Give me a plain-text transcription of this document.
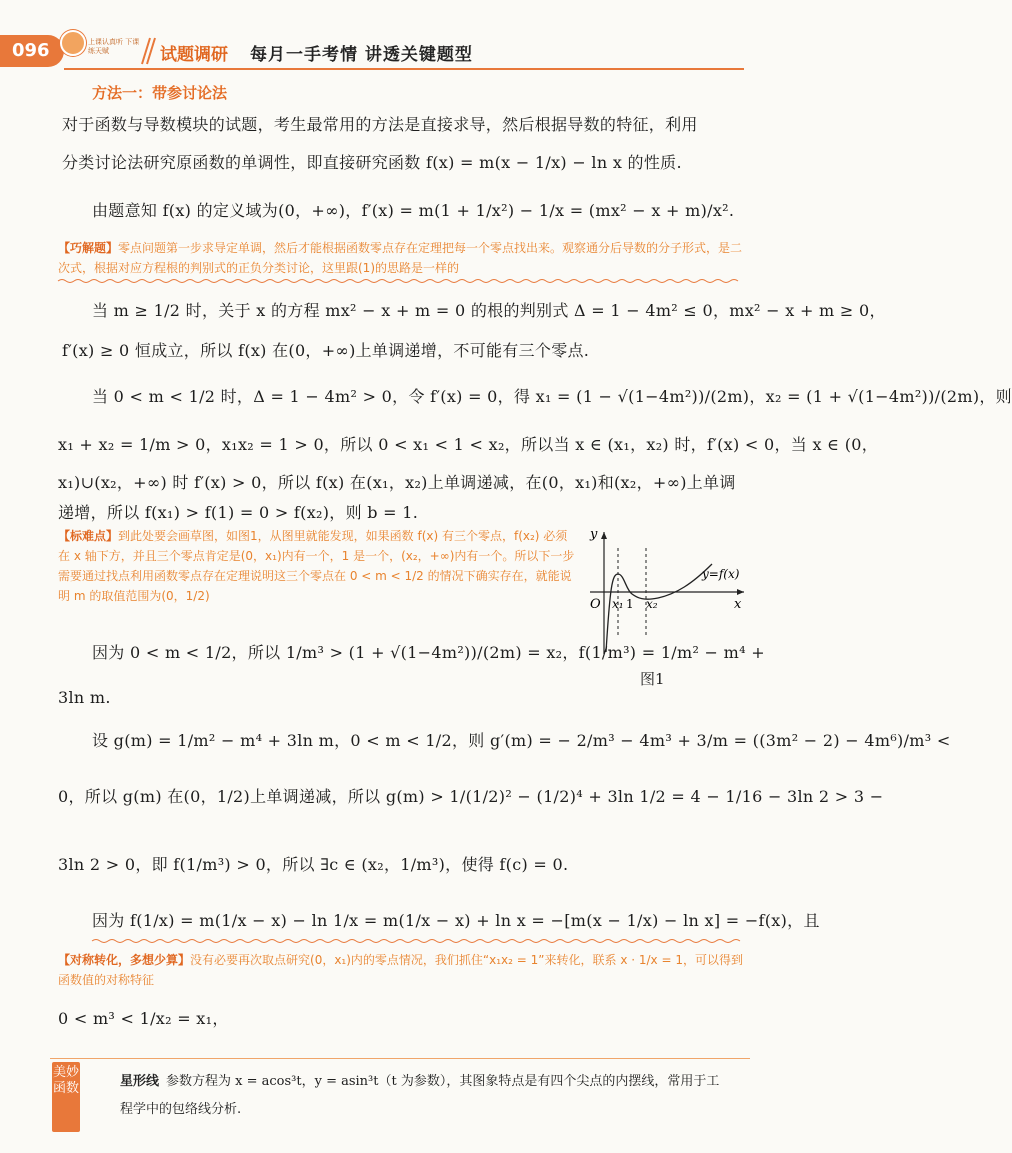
096	上课认真听 下课练天赋	试题调研 每月一手考情 讲透关键题型
方法一：带参讨论法
对于函数与导数模块的试题，考生最常用的方法是直接求导，然后根据导数的特征，利用
分类讨论法研究原函数的单调性，即直接研究函数 f(x) = m(x − 1/x) − ln x 的性质.
由题意知 f(x) 的定义域为(0，+∞)，f′(x) = m(1 + 1/x²) − 1/x = (mx² − x + m)/x².
【巧解题】零点问题第一步求导定单调，然后才能根据函数零点存在定理把每一个零点找出来。观察通分后导数的分子形式，是二次式，根据对应方程根的判别式的正负分类讨论，这里跟(1)的思路是一样的
当 m ≥ 1/2 时，关于 x 的方程 mx² − x + m = 0 的根的判别式 Δ = 1 − 4m² ≤ 0，mx² − x + m ≥ 0，
f′(x) ≥ 0 恒成立，所以 f(x) 在(0，+∞)上单调递增，不可能有三个零点.
当 0 < m < 1/2 时，Δ = 1 − 4m² > 0，令 f′(x) = 0，得 x₁ = (1 − √(1−4m²))/(2m)，x₂ = (1 + √(1−4m²))/(2m)，则
x₁ + x₂ = 1/m > 0，x₁x₂ = 1 > 0，所以 0 < x₁ < 1 < x₂，所以当 x ∈ (x₁，x₂) 时，f′(x) < 0，当 x ∈ (0，
x₁)∪(x₂，+∞) 时 f′(x) > 0，所以 f(x) 在(x₁，x₂)上单调递减，在(0，x₁)和(x₂，+∞)上单调
递增，所以 f(x₁) > f(1) = 0 > f(x₂)，则 b = 1.
【标难点】到此处要会画草图，如图1，从图里就能发现，如果函数 f(x) 有三个零点，f(x₂) 必须在 x 轴下方，并且三个零点肯定是(0，x₁)内有一个，1 是一个，(x₂，+∞)内有一个。所以下一步需要通过找点利用函数零点存在定理说明这三个零点在 0 < m < 1/2 的情况下确实存在，就能说明 m 的取值范围为(0，1/2)
y
x
O x₁ 1 x₂
y=f(x)
图1
因为 0 < m < 1/2，所以 1/m³ > (1 + √(1−4m²))/(2m) = x₂，f(1/m³) = 1/m² − m⁴ +
3ln m.
设 g(m) = 1/m² − m⁴ + 3ln m，0 < m < 1/2，则 g′(m) = − 2/m³ − 4m³ + 3/m = ((3m² − 2) − 4m⁶)/m³ <
0，所以 g(m) 在(0，1/2)上单调递减，所以 g(m) > 1/(1/2)² − (1/2)⁴ + 3ln 1/2 = 4 − 1/16 − 3ln 2 > 3 −
3ln 2 > 0，即 f(1/m³) > 0，所以 ∃c ∈ (x₂，1/m³)，使得 f(c) = 0.
因为 f(1/x) = m(1/x − x) − ln 1/x = m(1/x − x) + ln x = −[m(x − 1/x) − ln x] = −f(x)，且
【对称转化，多想少算】没有必要再次取点研究(0，x₁)内的零点情况，我们抓住“x₁x₂ = 1”来转化，联系 x · 1/x = 1，可以得到函数值的对称特征
0 < m³ < 1/x₂ = x₁，
美妙函数	星形线 参数方程为 x = acos³t，y = asin³t（t 为参数），其图象特点是有四个尖点的内摆线，常用于工
程学中的包络线分析.
